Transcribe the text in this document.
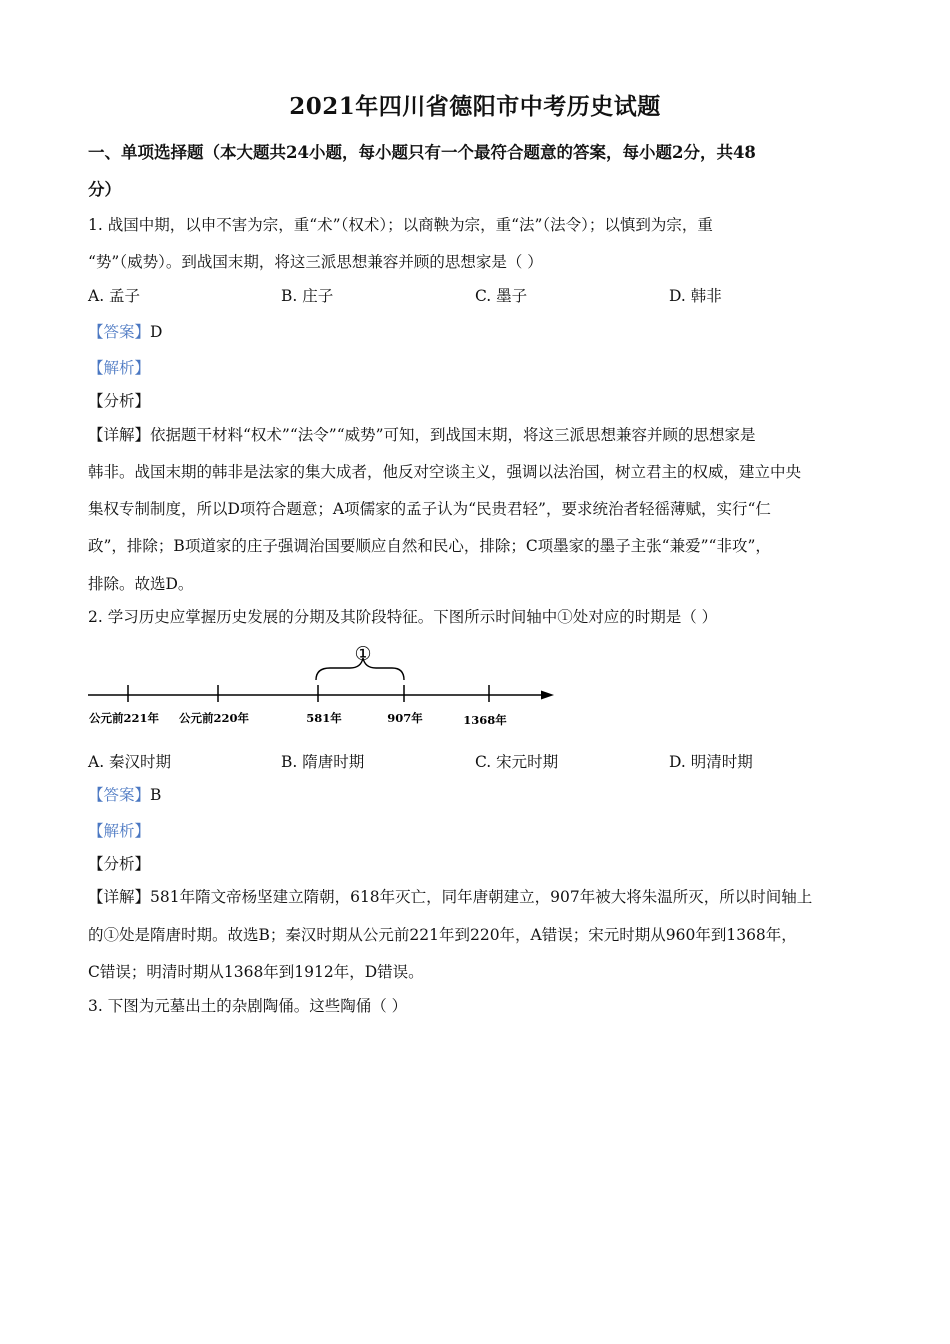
2021年四川省德阳市中考历史试题
一、单项选择题（本大题共24小题，每小题只有一个最符合题意的答案，每小题2分，共48
分）
1. 战国中期，以申不害为宗，重“术”（权术）；以商鞅为宗，重“法”（法令）；以慎到为宗，重
“势”（威势）。到战国末期，将这三派思想兼容并顾的思想家是（ ）
A. 孟子	B. 庄子	C. 墨子	D. 韩非
【答案】D
【解析】
【分析】
【详解】依据题干材料“权术”“法令”“威势”可知，到战国末期，将这三派思想兼容并顾的思想家是
韩非。战国末期的韩非是法家的集大成者，他反对空谈主义，强调以法治国，树立君主的权威，建立中央
集权专制制度，所以D项符合题意；A项儒家的孟子认为“民贵君轻”，要求统治者轻徭薄赋，实行“仁
政”，排除；B项道家的庄子强调治国要顺应自然和民心，排除；C项墨家的墨子主张“兼爱”“非攻”，
排除。故选D。
2. 学习历史应掌握历史发展的分期及其阶段特征。下图所示时间轴中①处对应的时期是（ ）
①
公元前221年 公元前220年	581年	907年	1368年
A. 秦汉时期	B. 隋唐时期	C. 宋元时期	D. 明清时期
【答案】B
【解析】
【分析】
【详解】581年隋文帝杨坚建立隋朝，618年灭亡，同年唐朝建立，907年被大将朱温所灭，所以时间轴上
的①处是隋唐时期。故选B；秦汉时期从公元前221年到220年，A错误；宋元时期从960年到1368年，
C错误；明清时期从1368年到1912年，D错误。
3. 下图为元墓出土的杂剧陶俑。这些陶俑（ ）
